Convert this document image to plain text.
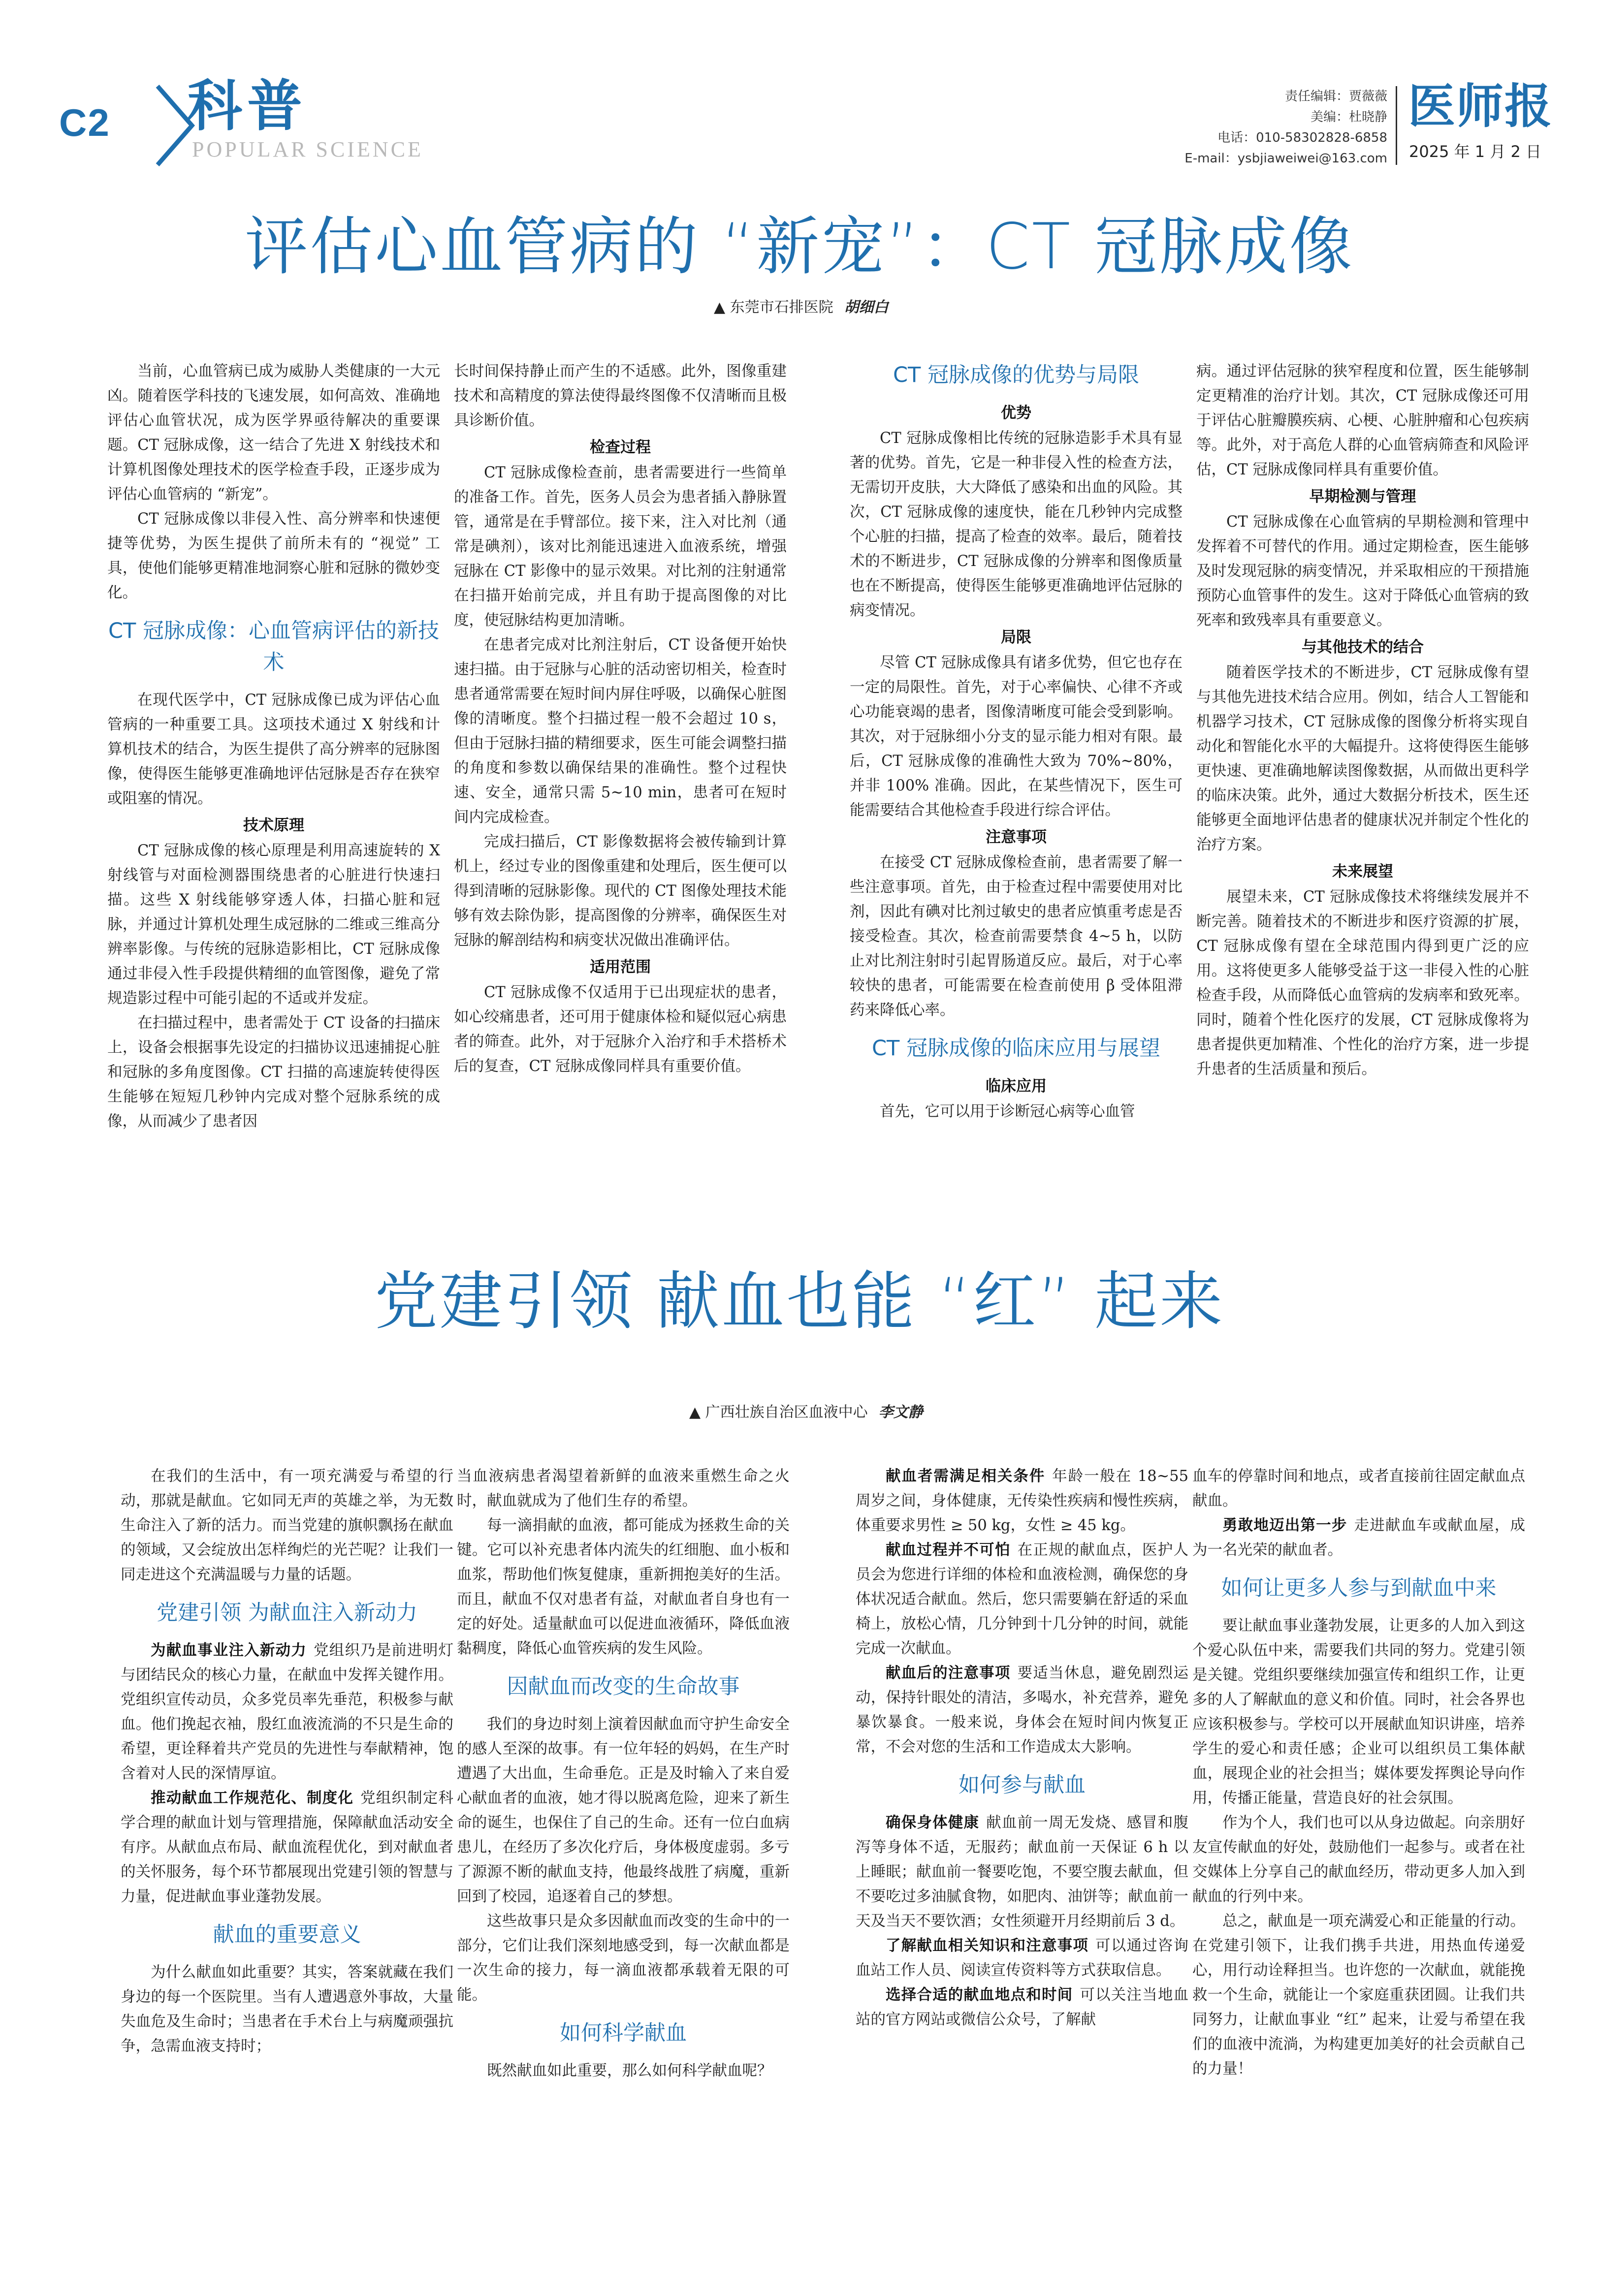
C2 科普
POPULAR SCIENCE
责任编辑：贾薇薇
美编：杜晓静
电话：010-58302828-6858
E-mail：ysbjiaweiwei@163.com
医师报
2025 年 1 月 2 日
评估心血管病的 “新宠”：CT 冠脉成像
▲ 东莞市石排医院 胡细白

当前，心血管病已成为威胁人类健康的一大元凶。随着医学科技的飞速发展，如何高效、准确地评估心血管状况，成为医学界亟待解决的重要课题。CT 冠脉成像，这一结合了先进 X 射线技术和计算机图像处理技术的医学检查手段，正逐步成为评估心血管病的 “新宠”。

CT 冠脉成像以非侵入性、高分辨率和快速便捷等优势，为医生提供了前所未有的 “视觉” 工具，使他们能够更精准地洞察心脏和冠脉的微妙变化。

CT 冠脉成像：心血管病评估的新技术

在现代医学中，CT 冠脉成像已成为评估心血管病的一种重要工具。这项技术通过 X 射线和计算机技术的结合，为医生提供了高分辨率的冠脉图像，使得医生能够更准确地评估冠脉是否存在狭窄或阻塞的情况。

技术原理

CT 冠脉成像的核心原理是利用高速旋转的 X 射线管与对面检测器围绕患者的心脏进行快速扫描。这些 X 射线能够穿透人体，扫描心脏和冠脉，并通过计算机处理生成冠脉的二维或三维高分辨率影像。与传统的冠脉造影相比，CT 冠脉成像通过非侵入性手段提供精细的血管图像，避免了常规造影过程中可能引起的不适或并发症。

在扫描过程中，患者需处于 CT 设备的扫描床上，设备会根据事先设定的扫描协议迅速捕捉心脏和冠脉的多角度图像。CT 扫描的高速旋转使得医生能够在短短几秒钟内完成对整个冠脉系统的成像，从而减少了患者因

长时间保持静止而产生的不适感。此外，图像重建技术和高精度的算法使得最终图像不仅清晰而且极具诊断价值。

检查过程

CT 冠脉成像检查前，患者需要进行一些简单的准备工作。首先，医务人员会为患者插入静脉置管，通常是在手臂部位。接下来，注入对比剂（通常是碘剂），该对比剂能迅速进入血液系统，增强冠脉在 CT 影像中的显示效果。对比剂的注射通常在扫描开始前完成，并且有助于提高图像的对比度，使冠脉结构更加清晰。

在患者完成对比剂注射后，CT 设备便开始快速扫描。由于冠脉与心脏的活动密切相关，检查时患者通常需要在短时间内屏住呼吸，以确保心脏图像的清晰度。整个扫描过程一般不会超过 10 s，但由于冠脉扫描的精细要求，医生可能会调整扫描的角度和参数以确保结果的准确性。整个过程快速、安全，通常只需 5~10 min，患者可在短时间内完成检查。

完成扫描后，CT 影像数据将会被传输到计算机上，经过专业的图像重建和处理后，医生便可以得到清晰的冠脉影像。现代的 CT 图像处理技术能够有效去除伪影，提高图像的分辨率，确保医生对冠脉的解剖结构和病变状况做出准确评估。

适用范围

CT 冠脉成像不仅适用于已出现症状的患者，如心绞痛患者，还可用于健康体检和疑似冠心病患者的筛查。此外，对于冠脉介入治疗和手术搭桥术后的复查，CT 冠脉成像同样具有重要价值。

CT 冠脉成像的优势与局限
优势

CT 冠脉成像相比传统的冠脉造影手术具有显著的优势。首先，它是一种非侵入性的检查方法，无需切开皮肤，大大降低了感染和出血的风险。其次，CT 冠脉成像的速度快，能在几秒钟内完成整个心脏的扫描，提高了检查的效率。最后，随着技术的不断进步，CT 冠脉成像的分辨率和图像质量也在不断提高，使得医生能够更准确地评估冠脉的病变情况。

局限

尽管 CT 冠脉成像具有诸多优势，但它也存在一定的局限性。首先，对于心率偏快、心律不齐或心功能衰竭的患者，图像清晰度可能会受到影响。其次，对于冠脉细小分支的显示能力相对有限。最后，CT 冠脉成像的准确性大致为 70%~80%，并非 100% 准确。因此，在某些情况下，医生可能需要结合其他检查手段进行综合评估。

注意事项

在接受 CT 冠脉成像检查前，患者需要了解一些注意事项。首先，由于检查过程中需要使用对比剂，因此有碘对比剂过敏史的患者应慎重考虑是否接受检查。其次，检查前需要禁食 4~5 h，以防止对比剂注射时引起胃肠道反应。最后，对于心率较快的患者，可能需要在检查前使用 β 受体阻滞药来降低心率。

CT 冠脉成像的临床应用与展望
临床应用

首先，它可以用于诊断冠心病等心血管

病。通过评估冠脉的狭窄程度和位置，医生能够制定更精准的治疗计划。其次，CT 冠脉成像还可用于评估心脏瓣膜疾病、心梗、心脏肿瘤和心包疾病等。此外，对于高危人群的心血管病筛查和风险评估，CT 冠脉成像同样具有重要价值。

早期检测与管理

CT 冠脉成像在心血管病的早期检测和管理中发挥着不可替代的作用。通过定期检查，医生能够及时发现冠脉的病变情况，并采取相应的干预措施预防心血管事件的发生。这对于降低心血管病的致死率和致残率具有重要意义。

与其他技术的结合

随着医学技术的不断进步，CT 冠脉成像有望与其他先进技术结合应用。例如，结合人工智能和机器学习技术，CT 冠脉成像的图像分析将实现自动化和智能化水平的大幅提升。这将使得医生能够更快速、更准确地解读图像数据，从而做出更科学的临床决策。此外，通过大数据分析技术，医生还能够更全面地评估患者的健康状况并制定个性化的治疗方案。

未来展望

展望未来，CT 冠脉成像技术将继续发展并不断完善。随着技术的不断进步和医疗资源的扩展，CT 冠脉成像有望在全球范围内得到更广泛的应用。这将使更多人能够受益于这一非侵入性的心脏检查手段，从而降低心血管病的发病率和致死率。同时，随着个性化医疗的发展，CT 冠脉成像将为患者提供更加精准、个性化的治疗方案，进一步提升患者的生活质量和预后。

党建引领 献血也能 “红” 起来
▲ 广西壮族自治区血液中心 李文静

在我们的生活中，有一项充满爱与希望的行动，那就是献血。它如同无声的英雄之举，为无数生命注入了新的活力。而当党建的旗帜飘扬在献血的领域，又会绽放出怎样绚烂的光芒呢？让我们一同走进这个充满温暖与力量的话题。

党建引领 为献血注入新动力

为献血事业注入新动力 党组织乃是前进明灯与团结民众的核心力量，在献血中发挥关键作用。党组织宣传动员，众多党员率先垂范，积极参与献血。他们挽起衣袖，殷红血液流淌的不只是生命的希望，更诠释着共产党员的先进性与奉献精神，饱含着对人民的深情厚谊。

推动献血工作规范化、制度化 党组织制定科学合理的献血计划与管理措施，保障献血活动安全有序。从献血点布局、献血流程优化，到对献血者的关怀服务，每个环节都展现出党建引领的智慧与力量，促进献血事业蓬勃发展。

献血的重要意义

为什么献血如此重要？其实，答案就藏在我们身边的每一个医院里。当有人遭遇意外事故，大量失血危及生命时；当患者在手术台上与病魔顽强抗争，急需血液支持时；

当血液病患者渴望着新鲜的血液来重燃生命之火时，献血就成为了他们生存的希望。

每一滴捐献的血液，都可能成为拯救生命的关键。它可以补充患者体内流失的红细胞、血小板和血浆，帮助他们恢复健康，重新拥抱美好的生活。而且，献血不仅对患者有益，对献血者自身也有一定的好处。适量献血可以促进血液循环，降低血液黏稠度，降低心血管疾病的发生风险。

因献血而改变的生命故事

我们的身边时刻上演着因献血而守护生命安全的感人至深的故事。有一位年轻的妈妈，在生产时遭遇了大出血，生命垂危。正是及时输入了来自爱心献血者的血液，她才得以脱离危险，迎来了新生命的诞生，也保住了自己的生命。还有一位白血病患儿，在经历了多次化疗后，身体极度虚弱。多亏了源源不断的献血支持，他最终战胜了病魔，重新回到了校园，追逐着自己的梦想。

这些故事只是众多因献血而改变的生命中的一部分，它们让我们深刻地感受到，每一次献血都是一次生命的接力，每一滴血液都承载着无限的可能。

如何科学献血

既然献血如此重要，那么如何科学献血呢？

献血者需满足相关条件 年龄一般在 18~55 周岁之间，身体健康，无传染性疾病和慢性疾病，体重要求男性 ≥ 50 kg，女性 ≥ 45 kg。

献血过程并不可怕 在正规的献血点，医护人员会为您进行详细的体检和血液检测，确保您的身体状况适合献血。然后，您只需要躺在舒适的采血椅上，放松心情，几分钟到十几分钟的时间，就能完成一次献血。

献血后的注意事项 要适当休息，避免剧烈运动，保持针眼处的清洁，多喝水，补充营养，避免暴饮暴食。一般来说，身体会在短时间内恢复正常，不会对您的生活和工作造成太大影响。

如何参与献血

确保身体健康 献血前一周无发烧、感冒和腹泻等身体不适，无服药；献血前一天保证 6 h 以上睡眠；献血前一餐要吃饱，不要空腹去献血，但不要吃过多油腻食物，如肥肉、油饼等；献血前一天及当天不要饮酒；女性须避开月经期前后 3 d。

了解献血相关知识和注意事项 可以通过咨询血站工作人员、阅读宣传资料等方式获取信息。

选择合适的献血地点和时间 可以关注当地血站的官方网站或微信公众号，了解献

血车的停靠时间和地点，或者直接前往固定献血点献血。

勇敢地迈出第一步 走进献血车或献血屋，成为一名光荣的献血者。

如何让更多人参与到献血中来

要让献血事业蓬勃发展，让更多的人加入到这个爱心队伍中来，需要我们共同的努力。党建引领是关键。党组织要继续加强宣传和组织工作，让更多的人了解献血的意义和价值。同时，社会各界也应该积极参与。学校可以开展献血知识讲座，培养学生的爱心和责任感；企业可以组织员工集体献血，展现企业的社会担当；媒体要发挥舆论导向作用，传播正能量，营造良好的社会氛围。

作为个人，我们也可以从身边做起。向亲朋好友宣传献血的好处，鼓励他们一起参与。或者在社交媒体上分享自己的献血经历，带动更多人加入到献血的行列中来。

总之，献血是一项充满爱心和正能量的行动。在党建引领下，让我们携手共进，用热血传递爱心，用行动诠释担当。也许您的一次献血，就能挽救一个生命，就能让一个家庭重获团圆。让我们共同努力，让献血事业 “红” 起来，让爱与希望在我们的血液中流淌，为构建更加美好的社会贡献自己的力量！
